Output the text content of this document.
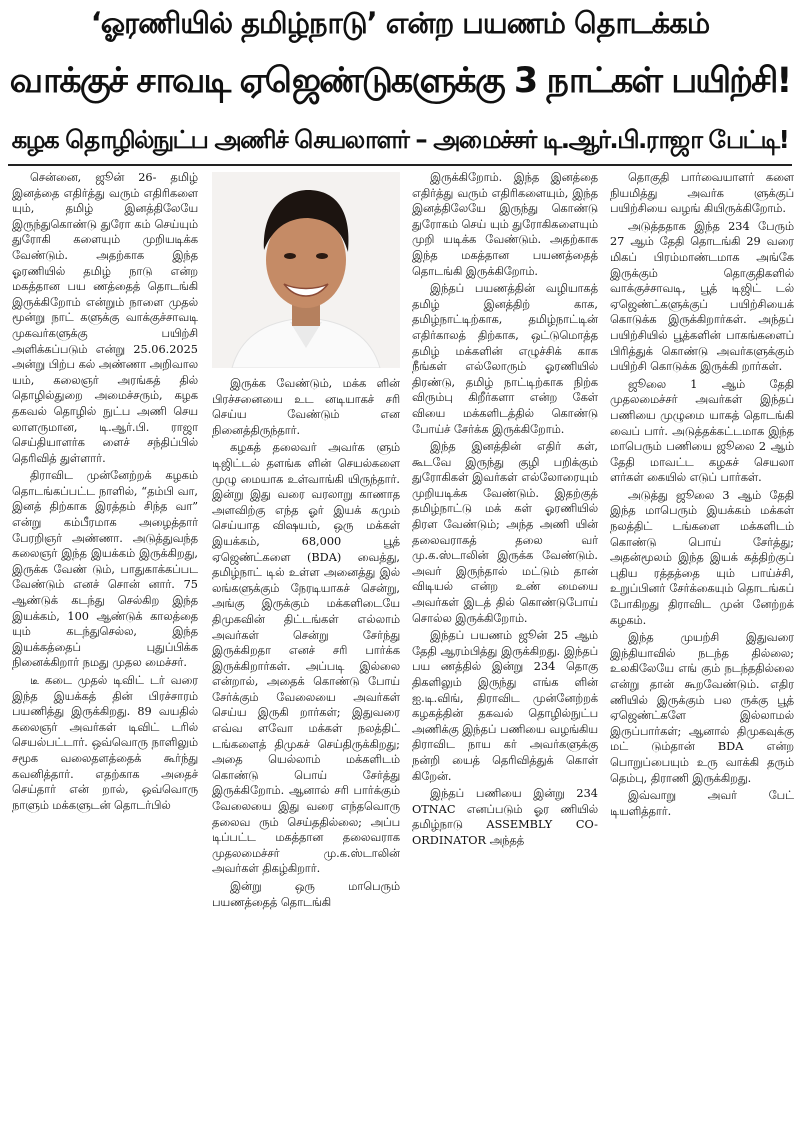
‘ஓரணியில் தமிழ்நாடு’ என்ற பயணம் தொடக்கம்
வாக்குச் சாவடி ஏஜெண்டுகளுக்கு 3 நாட்கள் பயிற்சி!
கழக தொழில்நுட்ப அணிச் செயலாளர் – அமைச்சர் டி.ஆர்.பி.ராஜா பேட்டி!

சென்னை, ஜூன் 26- தமிழ் இனத்தை எதிர்த்து வரும் எதிரிகளை யும், தமிழ் இனத்திலேயே இருந்துகொண்டு துரோ கம் செய்யும் துரோகி களையும் முறியடிக்க வேண்டும். அதற்காக இந்த ஓரணியில் தமிழ் நாடு என்ற மகத்தான பய ணத்தைத் தொடங்கி இருக்கிறோம் என்றும் நாளை முதல் மூன்று நாட் களுக்கு வாக்குச்சாவடி முகவர்களுக்கு பயிற்சி அளிக்கப்படும் என்று 25.06.2025 அன்று பிற்ப கல் அண்ணா அறிவால யம், கலைஞர் அரங்கத் தில் தொழில்துறை அமைச்சரும், கழக தகவல் தொழில் நுட்ப அணி செய லாளருமான, டி.ஆர்.பி. ராஜா செய்தியாளர்க ளைச் சந்திப்பில் தெரிவித் துள்ளார்.

திராவிட முன்னேற்றக் கழகம் தொடங்கப்பட்ட நாளில், “தம்பி வா, இனத் திற்காக இரத்தம் சிந்த வா” என்று கம்பீரமாக அழைத்தார் பேரறிஞர் அண்ணா. அடுத்துவந்த கலைஞர் இந்த இயக்கம் இருக்கிறது, இருக்க வேண் டும், பாதுகாக்கப்பட வேண்டும் எனச் சொன் னார். 75 ஆண்டுக் கடந்து செல்கிற இந்த இயக்கம், 100 ஆண்டுக் காலத்தை யும் கடந்துசெல்ல, இந்த இயக்கத்தைப் புதுப்பிக்க நினைக்கிறார் நமது முதல மைச்சர்.

டீ கடை முதல் டிவிட் டர் வரை இந்த இயக்கத் தின் பிரச்சாரம் பயணித்து இருக்கிறது. 89 வயதில் கலைஞர் அவர்கள் டிவிட் டரில் செயல்பட்டார். ஒவ்வொரு நாளிலும் சமூக வலைதளத்தைக் கூர்ந்து கவனித்தார். எதற்காக அதைச் செய்தார் என் றால், ஒவ்வொரு நாளும் மக்களுடன் தொடர்பில்

இருக்க வேண்டும், மக்க ளின் பிரச்சனையை உட னடியாகச் சரி செய்ய வேண்டும் என நினைத்திருந்தார்.

கழகத் தலைவர் அவர்க ளும் டிஜிட்டல் தளங்க ளின் செயல்களை முழு மையாக உள்வாங்கி யிருந்தார். இன்று இது வரை வரலாறு காணாத அளவிற்கு எந்த ஓர் இயக் கமும் செய்யாத விஷயம், ஒரு மக்கள் இயக்கம், 68,000 பூத் ஏஜெண்ட்களை (BDA) வைத்து, தமிழ்நாட் டில் உள்ள அனைத்து இல் லங்களுக்கும் நேரடியாகச் சென்று, அங்கு இருக்கும் மக்களிடையே திமுகவின் திட்டங்கள் எல்லாம் அவர்கள் சென்று சேர்ந்து இருக்கிறதா எனச் சரி பார்க்க இருக்கிறார்கள். அப்படி இல்லை என்றால், அதைக் கொண்டு போய் சேர்க்கும் வேலையை அவர்கள் செய்ய இருகி றார்கள்; இதுவரை எவ்வ ளவோ மக்கள் நலத்திட் டங்களைத் திமுகச் செய்திருக்கிறது; அதை யெல்லாம் மக்களிடம் கொண்டு பொய் சேர்த்து இருக்கிறோம். ஆனால் சரி பார்க்கும் வேலையை இது வரை எந்தவொரு தலைவ ரும் செய்ததில்லை; அப்ப டிப்பட்ட மகத்தான தலைவராக முதலமைச்சர் மு.க.ஸ்டாலின் அவர்கள் திகழ்கிறார்.

இன்று ஒரு மாபெரும் பயணத்தைத் தொடங்கி

இருக்கிறோம். இந்த இனத்தை எதிர்த்து வரும் எதிரிகளையும், இந்த இனத்திலேயே இருந்து கொண்டு துரோகம் செய் யும் துரோகிகளையும் முறி யடிக்க வேண்டும். அதற்காக இந்த மகத்தான பயணத்தைத் தொடங்கி இருக்கிறோம்.

இந்தப் பயணத்தின் வழியாகத் தமிழ் இனத்திற் காக, தமிழ்நாட்டிற்காக, தமிழ்நாட்டின் எதிர்காலத் திற்காக, ஒட்டுமொத்த தமிழ் மக்களின் எழுச்சிக் காக நீங்கள் எல்லோரும் ஓரணியில் திரண்டு, தமிழ் நாட்டிற்காக நிற்க விரும்பு கிறீர்களா என்ற கேள் வியை மக்களிடத்தில் கொண்டு போய்ச் சேர்க்க இருக்கிறோம்.

இந்த இனத்தின் எதிர் கள், கூடவே இருந்து குழி பறிக்கும் துரோகிகள் இவர்கள் எல்லோரையும் முறியடிக்க வேண்டும். இதற்குத் தமிழ்நாட்டு மக் கள் ஓரணியில் திரள வேண்டும்; அந்த அணி யின் தலைவராகத் தலை வர் மு.க.ஸ்டாலின் இருக்க வேண்டும். அவர் இருந்தால் மட்டும் தான் விடியல் என்ற உண் மையை அவர்கள் இடத் தில் கொண்டுபோய் சொல்ல இருக்கிறோம்.

இந்தப் பயணம் ஜூன் 25 ஆம் தேதி ஆரம்பித்து இருக்கிறது. இந்தப் பய ணத்தில் இன்று 234 தொகு திகளிலும் இருந்து எங்க ளின் ஐ.டி.விங், திராவிட முன்னேற்றக் கழகத்தின் தகவல் தொழில்நுட்ப அணிக்கு இந்தப் பணியை வழங்கிய திராவிட நாய கர் அவர்களுக்கு நன்றி யைத் தெரிவித்துக் கொள் கிறேன்.

இந்தப் பணியை இன்று 234 OTNAC எனப்படும் ஓர ணியில் தமிழ்நாடு ASSEMBLY CO-ORDINATOR அந்தத்

தொகுதி பார்வையாளர் களை நியமித்து அவர்க ளுக்குப் பயிற்சியை வழங் கியிருக்கிறோம்.

அடுத்ததாக இந்த 234 பேரும் 27 ஆம் தேதி தொடங்கி 29 வரை மிகப் பிரம்மாண்டமாக அங்கே இருக்கும் தொகுதிகளில் வாக்குச்சாவடி, பூத் டிஜிட் டல் ஏஜெண்ட்களுக்குப் பயிற்சியைக் கொடுக்க இருக்கிறார்கள். அந்தப் பயிற்சியில் பூத்களின் பாகங்களைப் பிரித்துக் கொண்டு அவர்களுக்கும் பயிற்சி கொடுக்க இருக்கி றார்கள்.

ஜூலை 1 ஆம் தேதி முதலமைச்சர் அவர்கள் இந்தப் பணியை முழுமை யாகத் தொடங்கி வைப் பார். அடுத்தக்கட்டமாக இந்த மாபெரும் பணியை ஜூலை 2 ஆம் தேதி மாவட்ட கழகச் செயலா ளர்கள் கையில் எடுப் பார்கள்.

அடுத்து ஜூலை 3 ஆம் தேதி இந்த மாபெரும் இயக்கம் மக்கள் நலத்திட் டங்களை மக்களிடம் கொண்டு பொய் சேர்த்து; அதன்மூலம் இந்த இயக் கத்திற்குப் புதிய ரத்தத்தை யும் பாய்ச்சி, உறுப்பினர் சேர்க்கையும் தொடங்கப் போகிறது திராவிட முன் னேற்றக் கழகம்.

இந்த முயற்சி இதுவரை இந்தியாவில் நடந்த தில்லை; உலகிலேயே எங் கும் நடந்ததில்லை என்று தான் கூறவேண்டும். எதிர ணியில் இருக்கும் பல ருக்கு பூத் ஏஜெண்ட்களே இல்லாமல் இருப்பார்கள்; ஆனால் திமுகவுக்கு மட் டும்தான் BDA என்ற பொறுப்பையும் உரு வாக்கி தரும் தெம்பு, திராணி இருக்கிறது.

இவ்வாறு அவர் பேட் டியளித்தார்.
